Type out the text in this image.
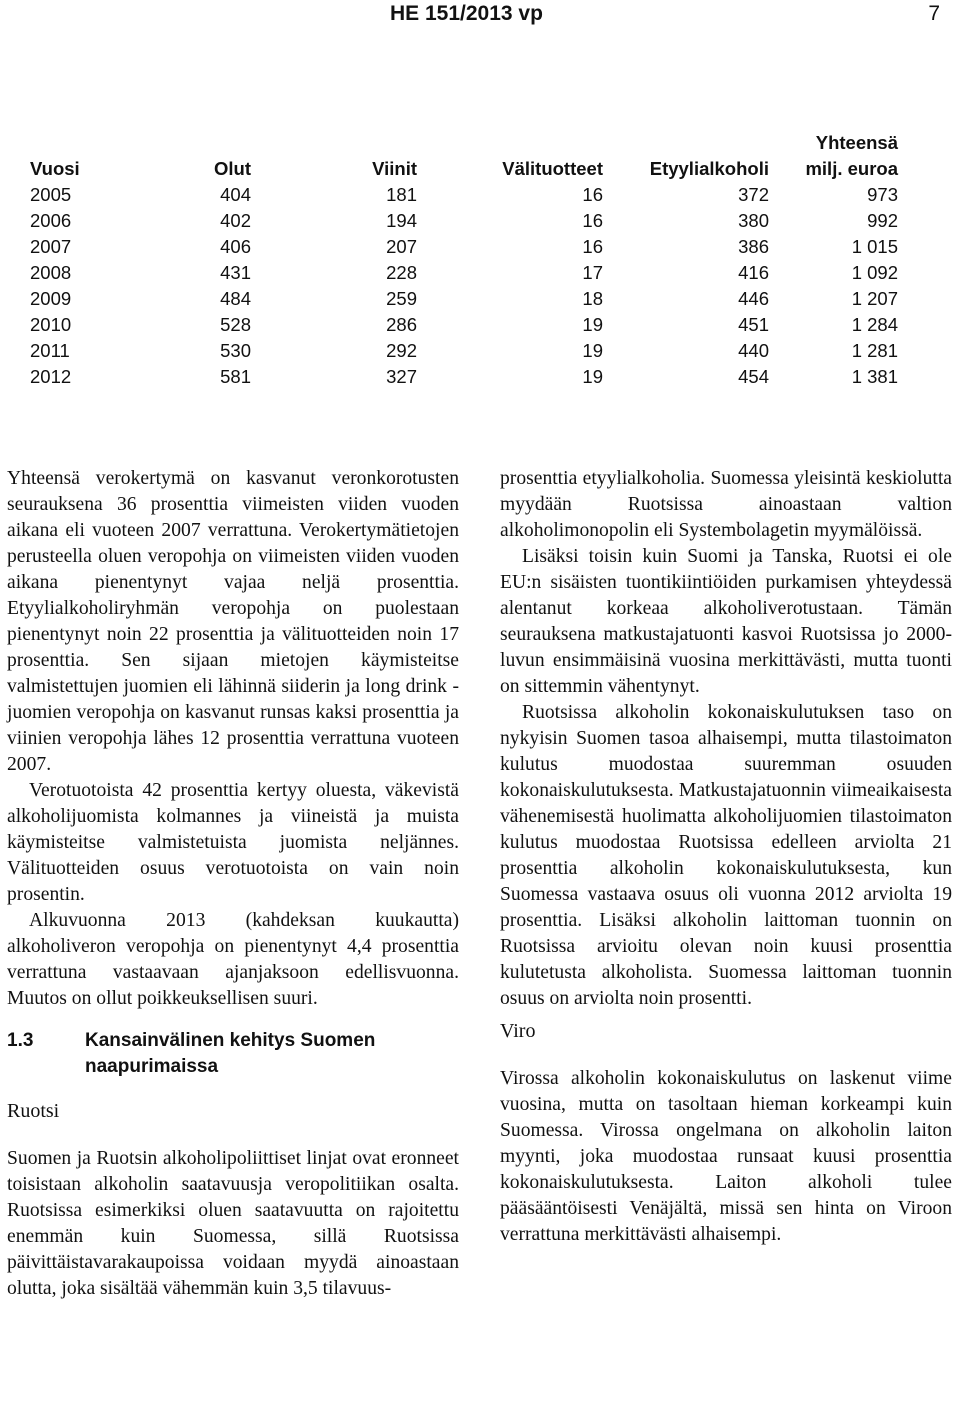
HE 151/2013 vp	7
Vuosi	Olut	Viinit	Välituotteet	Etyylialkoholi	Yhteensä
milj. euroa
2005	404	181	16	372	973
2006	402	194	16	380	992
2007	406	207	16	386	1 015
2008	431	228	17	416	1 092
2009	484	259	18	446	1 207
2010	528	286	19	451	1 284
2011	530	292	19	440	1 281
2012	581	327	19	454	1 381

Yhteensä verokertymä on kasvanut veronkorotusten seurauksena 36 prosenttia viimeisten viiden vuoden aikana eli vuoteen 2007 verrattuna. Verokertymätietojen perusteella oluen veropohja on viimeisten viiden vuoden aikana pienentynyt vajaa neljä prosenttia. Etyylialkoholiryhmän veropohja on puolestaan pienentynyt noin 22 prosenttia ja välituotteiden noin 17 prosenttia. Sen sijaan mietojen käymisteitse valmistettujen juomien eli lähinnä siiderin ja long drink -juomien veropohja on kasvanut runsas kaksi prosenttia ja viinien veropohja lähes 12 prosenttia verrattuna vuoteen 2007.

Verotuotoista 42 prosenttia kertyy oluesta, väkevistä alkoholijuomista kolmannes ja viineistä ja muista käymisteitse valmistetuista juomista neljännes. Välituotteiden osuus verotuotoista on vain noin prosentin.

Alkuvuonna 2013 (kahdeksan kuukautta) alkoholiveron veropohja on pienentynyt 4,4 prosenttia verrattuna vastaavaan ajanjaksoon edellisvuonna. Muutos on ollut poikkeuksellisen suuri.

1.3	Kansainvälinen kehitys Suomen naapurimaissa
Ruotsi

Suomen ja Ruotsin alkoholipoliittiset linjat ovat eronneet toisistaan alkoholin saatavuusja veropolitiikan osalta. Ruotsissa esimerkiksi oluen saatavuutta on rajoitettu enemmän kuin Suomessa, sillä Ruotsissa päivittäistavarakaupoissa voidaan myydä ainoastaan olutta, joka sisältää vähemmän kuin 3,5 tilavuus-

prosenttia etyylialkoholia. Suomessa yleisintä keskiolutta myydään Ruotsissa ainoastaan valtion alkoholimonopolin eli Systembolagetin myymälöissä.

Lisäksi toisin kuin Suomi ja Tanska, Ruotsi ei ole EU:n sisäisten tuontikiintiöiden purkamisen yhteydessä alentanut korkeaa alkoholiverotustaan. Tämän seurauksena matkustajatuonti kasvoi Ruotsissa jo 2000-luvun ensimmäisinä vuosina merkittävästi, mutta tuonti on sittemmin vähentynyt.

Ruotsissa alkoholin kokonaiskulutuksen taso on nykyisin Suomen tasoa alhaisempi, mutta tilastoimaton kulutus muodostaa suuremman osuuden kokonaiskulutuksesta. Matkustajatuonnin viimeaikaisesta vähenemisestä huolimatta alkoholijuomien tilastoimaton kulutus muodostaa Ruotsissa edelleen arviolta 21 prosenttia alkoholin kokonaiskulutuksesta, kun Suomessa vastaava osuus oli vuonna 2012 arviolta 19 prosenttia. Lisäksi alkoholin laittoman tuonnin on Ruotsissa arvioitu olevan noin kuusi prosenttia kulutetusta alkoholista. Suomessa laittoman tuonnin osuus on arviolta noin prosentti.

Viro

Virossa alkoholin kokonaiskulutus on laskenut viime vuosina, mutta on tasoltaan hieman korkeampi kuin Suomessa. Virossa ongelmana on alkoholin laiton myynti, joka muodostaa runsaat kuusi prosenttia kokonaiskulutuksesta. Laiton alkoholi tulee pääsääntöisesti Venäjältä, missä sen hinta on Viroon verrattuna merkittävästi alhaisempi.
